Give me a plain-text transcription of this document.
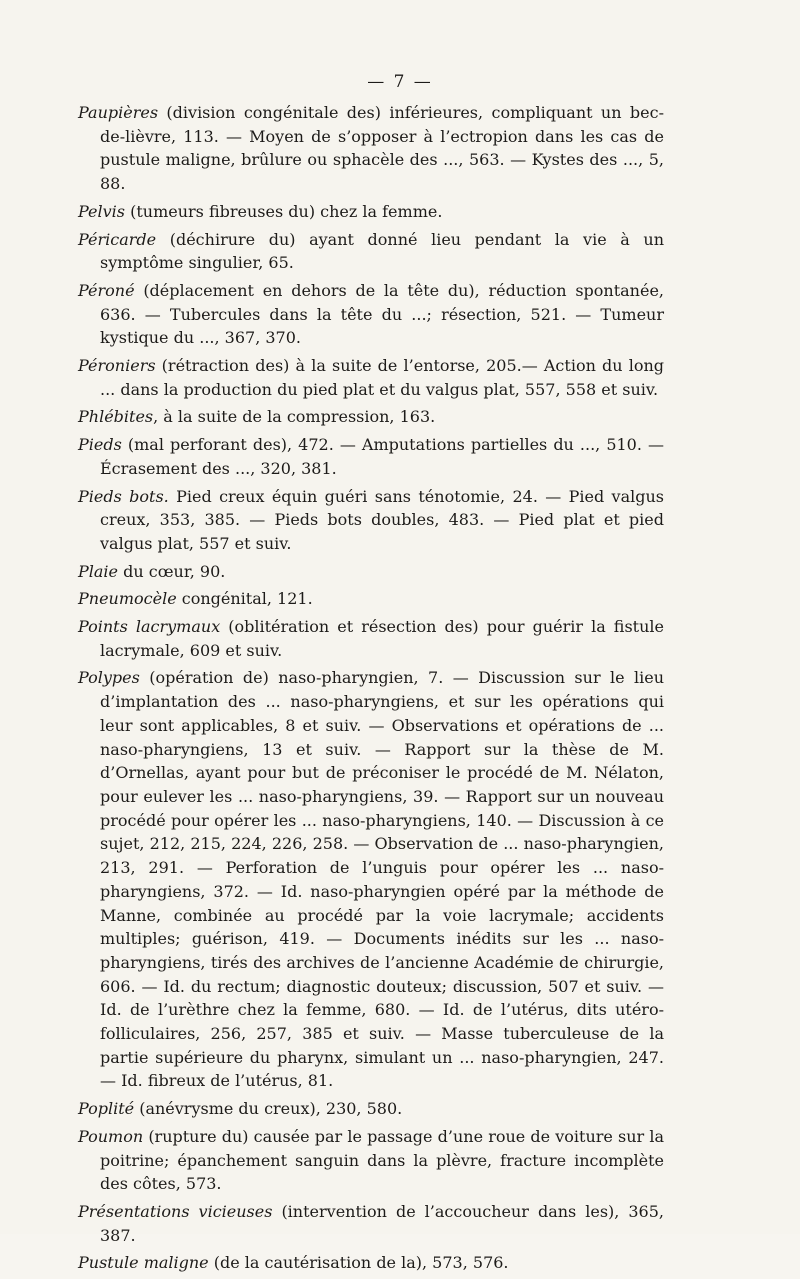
— 7 —

Paupières (division congénitale des) inférieures, compliquant un bec-de-lièvre, 113. — Moyen de s’opposer à l’ectropion dans les cas de pustule maligne, brûlure ou sphacèle des ..., 563. — Kystes des ..., 5, 88.

Pelvis (tumeurs fibreuses du) chez la femme.

Péricarde (déchirure du) ayant donné lieu pendant la vie à un symptôme singulier, 65.

Péroné (déplacement en dehors de la tête du), réduction spontanée, 636. — Tubercules dans la tête du ...; résection, 521. — Tumeur kystique du ..., 367, 370.

Péroniers (rétraction des) à la suite de l’entorse, 205.— Action du long ... dans la production du pied plat et du valgus plat, 557, 558 et suiv.

Phlébites, à la suite de la compression, 163.

Pieds (mal perforant des), 472. — Amputations partielles du ..., 510. — Écrasement des ..., 320, 381.

Pieds bots. Pied creux équin guéri sans ténotomie, 24. — Pied valgus creux, 353, 385. — Pieds bots doubles, 483. — Pied plat et pied valgus plat, 557 et suiv.

Plaie du cœur, 90.

Pneumocèle congénital, 121.

Points lacrymaux (oblitération et résection des) pour guérir la fistule lacrymale, 609 et suiv.

Polypes (opération de) naso-pharyngien, 7. — Discussion sur le lieu d’implantation des ... naso-pharyngiens, et sur les opérations qui leur sont applicables, 8 et suiv. — Observations et opérations de ... naso-pharyngiens, 13 et suiv. — Rapport sur la thèse de M. d’Ornellas, ayant pour but de préconiser le procédé de M. Nélaton, pour eulever les ... naso-pharyngiens, 39. — Rapport sur un nouveau procédé pour opérer les ... naso-pharyngiens, 140. — Discussion à ce sujet, 212, 215, 224, 226, 258. — Observation de ... naso-pharyngien, 213, 291. — Perforation de l’unguis pour opérer les ... naso-pharyngiens, 372. — Id. naso-pharyngien opéré par la méthode de Manne, combinée au procédé par la voie lacrymale; accidents multiples; guérison, 419. — Documents inédits sur les ... naso-pharyngiens, tirés des archives de l’ancienne Académie de chirurgie, 606. — Id. du rectum; diagnostic douteux; discussion, 507 et suiv. — Id. de l’urèthre chez la femme, 680. — Id. de l’utérus, dits utéro-folliculaires, 256, 257, 385 et suiv. — Masse tuberculeuse de la partie supérieure du pharynx, simulant un ... naso-pharyngien, 247. — Id. fibreux de l’utérus, 81.

Poplité (anévrysme du creux), 230, 580.

Poumon (rupture du) causée par le passage d’une roue de voiture sur la poitrine; épanchement sanguin dans la plèvre, fracture incomplète des côtes, 573.

Présentations vicieuses (intervention de l’accoucheur dans les), 365, 387.

Pustule maligne (de la cautérisation de la), 573, 576.
